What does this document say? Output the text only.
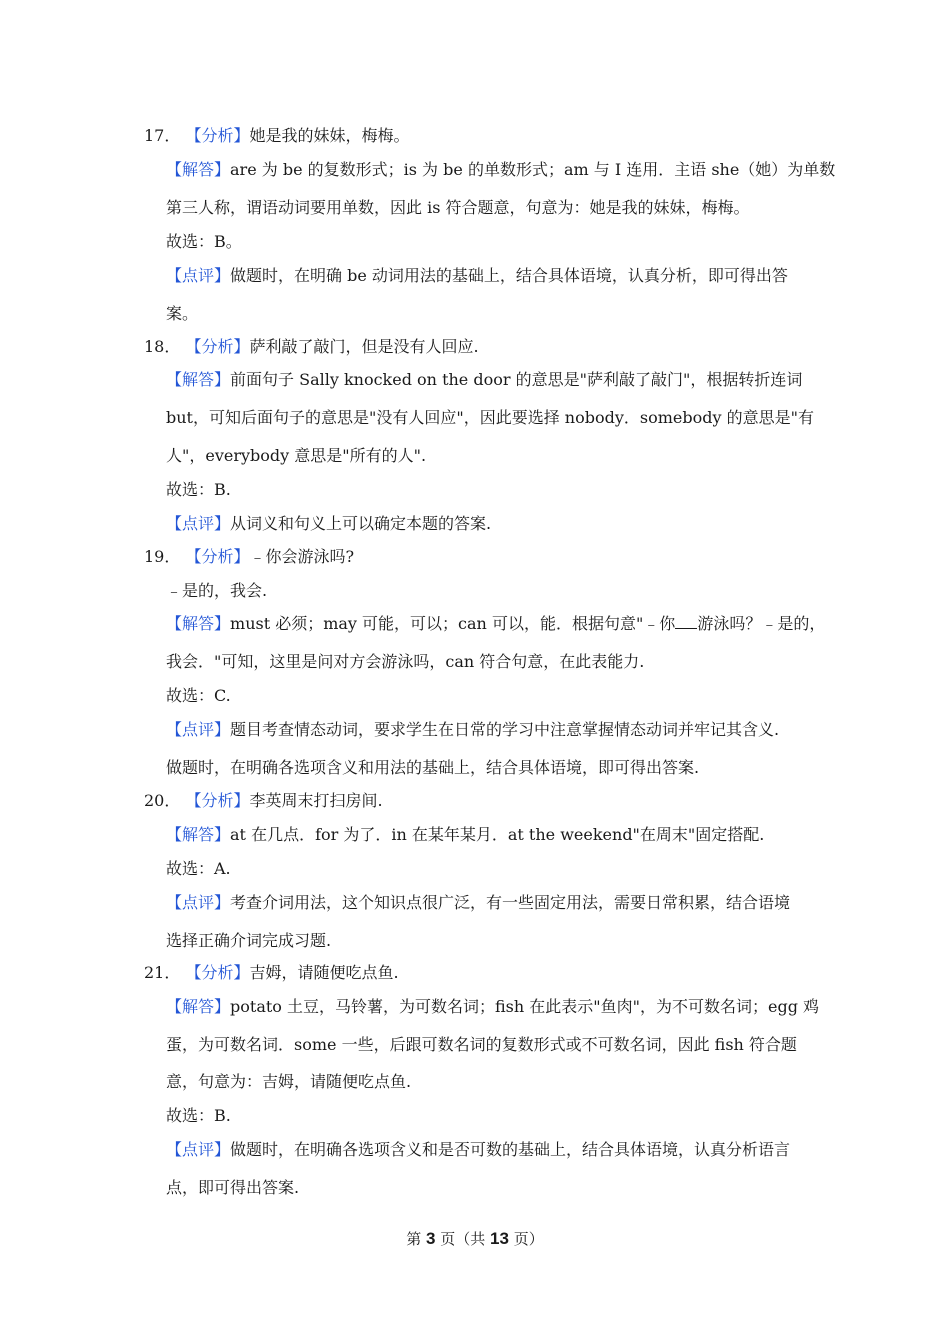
17． 【分析】她是我的妹妹，梅梅。
【解答】are 为 be 的复数形式；is 为 be 的单数形式；am 与 I 连用．主语 she（她）为单数
第三人称，谓语动词要用单数，因此 is 符合题意，句意为：她是我的妹妹，梅梅。
故选：B。
【点评】做题时，在明确 be 动词用法的基础上，结合具体语境，认真分析，即可得出答
案。
18． 【分析】萨利敲了敲门，但是没有人回应.
【解答】前面句子 Sally knocked on the door 的意思是"萨利敲了敲门"，根据转折连词
but，可知后面句子的意思是"没有人回应"，因此要选择 nobody．somebody 的意思是"有
人"，everybody 意思是"所有的人".
故选：B.
【点评】从词义和句义上可以确定本题的答案.
19． 【分析】﹣你会游泳吗?
﹣是的，我会.
【解答】must 必须；may 可能，可以；can 可以，能．根据句意"﹣你 游泳吗？﹣是的，
我会．"可知，这里是问对方会游泳吗，can 符合句意，在此表能力.
故选：C.
【点评】题目考查情态动词，要求学生在日常的学习中注意掌握情态动词并牢记其含义.
做题时，在明确各选项含义和用法的基础上，结合具体语境，即可得出答案.
20． 【分析】李英周末打扫房间.
【解答】at 在几点．for 为了．in 在某年某月．at the weekend"在周末"固定搭配.
故选：A.
【点评】考查介词用法，这个知识点很广泛，有一些固定用法，需要日常积累，结合语境
选择正确介词完成习题.
21． 【分析】吉姆，请随便吃点鱼.
【解答】potato 土豆，马铃薯，为可数名词；fish 在此表示"鱼肉"，为不可数名词；egg 鸡
蛋，为可数名词．some 一些，后跟可数名词的复数形式或不可数名词，因此 fish 符合题
意，句意为：吉姆，请随便吃点鱼.
故选：B.
【点评】做题时，在明确各选项含义和是否可数的基础上，结合具体语境，认真分析语言
点，即可得出答案.
第 3 页（共 13 页）
